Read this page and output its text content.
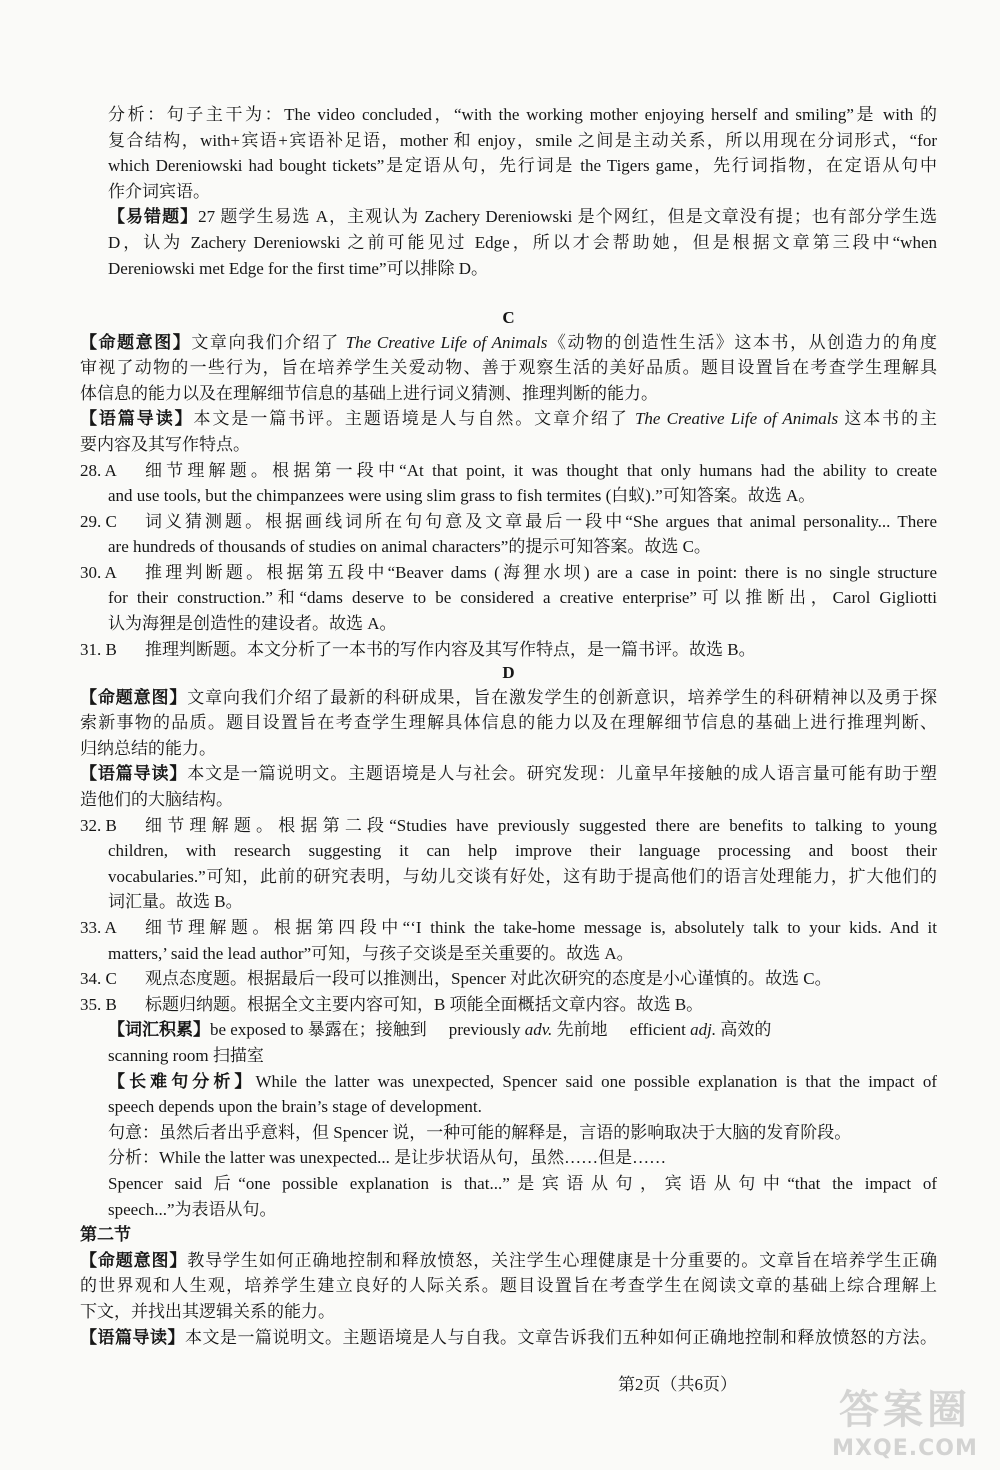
分析：句子主干为：The video concluded，“with the working mother enjoying herself and smiling”是 with 的
复合结构，with+宾语+宾语补足语，mother 和 enjoy，smile 之间是主动关系，所以用现在分词形式，“for
which Dereniowski had bought tickets”是定语从句，先行词是 the Tigers game，先行词指物，在定语从句中
作介词宾语。
【易错题】27 题学生易选 A，主观认为 Zachery Dereniowski 是个网红，但是文章没有提；也有部分学生选
D，认为 Zachery Dereniowski 之前可能见过 Edge，所以才会帮助她，但是根据文章第三段中“when
Dereniowski met Edge for the first time”可以排除 D。
C
【命题意图】文章向我们介绍了 The Creative Life of Animals《动物的创造性生活》这本书，从创造力的角度
审视了动物的一些行为，旨在培养学生关爱动物、善于观察生活的美好品质。题目设置旨在考查学生理解具
体信息的能力以及在理解细节信息的基础上进行词义猜测、推理判断的能力。
【语篇导读】本文是一篇书评。主题语境是人与自然。文章介绍了 The Creative Life of Animals 这本书的主
要内容及其写作特点。
28. A	细节理解题。根据第一段中“At that point, it was thought that only humans had the ability to create
and use tools, but the chimpanzees were using slim grass to fish termites (白蚁).”可知答案。故选 A。
29. C	词义猜测题。根据画线词所在句句意及文章最后一段中“She argues that animal personality... There
are hundreds of thousands of studies on animal characters”的提示可知答案。故选 C。
30. A	推理判断题。根据第五段中“Beaver dams (海狸水坝) are a case in point: there is no single structure
for their construction.”和“dams deserve to be considered a creative enterprise”可以推断出，Carol Gigliotti
认为海狸是创造性的建设者。故选 A。
31. B	推理判断题。本文分析了一本书的写作内容及其写作特点，是一篇书评。故选 B。
D
【命题意图】文章向我们介绍了最新的科研成果，旨在激发学生的创新意识，培养学生的科研精神以及勇于探
索新事物的品质。题目设置旨在考查学生理解具体信息的能力以及在理解细节信息的基础上进行推理判断、
归纳总结的能力。
【语篇导读】本文是一篇说明文。主题语境是人与社会。研究发现：儿童早年接触的成人语言量可能有助于塑
造他们的大脑结构。
32. B	细节理解题。根据第二段“Studies have previously suggested there are benefits to talking to young
children, with research suggesting it can help improve their language processing and boost their
vocabularies.”可知，此前的研究表明，与幼儿交谈有好处，这有助于提高他们的语言处理能力，扩大他们的
词汇量。故选 B。
33. A	细节理解题。根据第四段中“‘I think the take-home message is, absolutely talk to your kids. And it
matters,’ said the lead author”可知，与孩子交谈是至关重要的。故选 A。
34. C	观点态度题。根据最后一段可以推测出，Spencer 对此次研究的态度是小心谨慎的。故选 C。
35. B	标题归纳题。根据全文主要内容可知，B 项能全面概括文章内容。故选 B。
【词汇积累】be exposed to 暴露在；接触到 previously adv. 先前地 efficient adj. 高效的
scanning room 扫描室
【长难句分析】While the latter was unexpected, Spencer said one possible explanation is that the impact of
speech depends upon the brain’s stage of development.
句意：虽然后者出乎意料，但 Spencer 说，一种可能的解释是，言语的影响取决于大脑的发育阶段。
分析：While the latter was unexpected... 是让步状语从句，虽然……但是……
Spencer said 后“one possible explanation is that...”是宾语从句，宾语从句中“that the impact of
speech...”为表语从句。
第二节
【命题意图】教导学生如何正确地控制和释放愤怒，关注学生心理健康是十分重要的。文章旨在培养学生正确
的世界观和人生观，培养学生建立良好的人际关系。题目设置旨在考查学生在阅读文章的基础上综合理解上
下文，并找出其逻辑关系的能力。
【语篇导读】本文是一篇说明文。主题语境是人与自我。文章告诉我们五种如何正确地控制和释放愤怒的方法。
第2页（共6页）
答案圈
MXQE.COM
